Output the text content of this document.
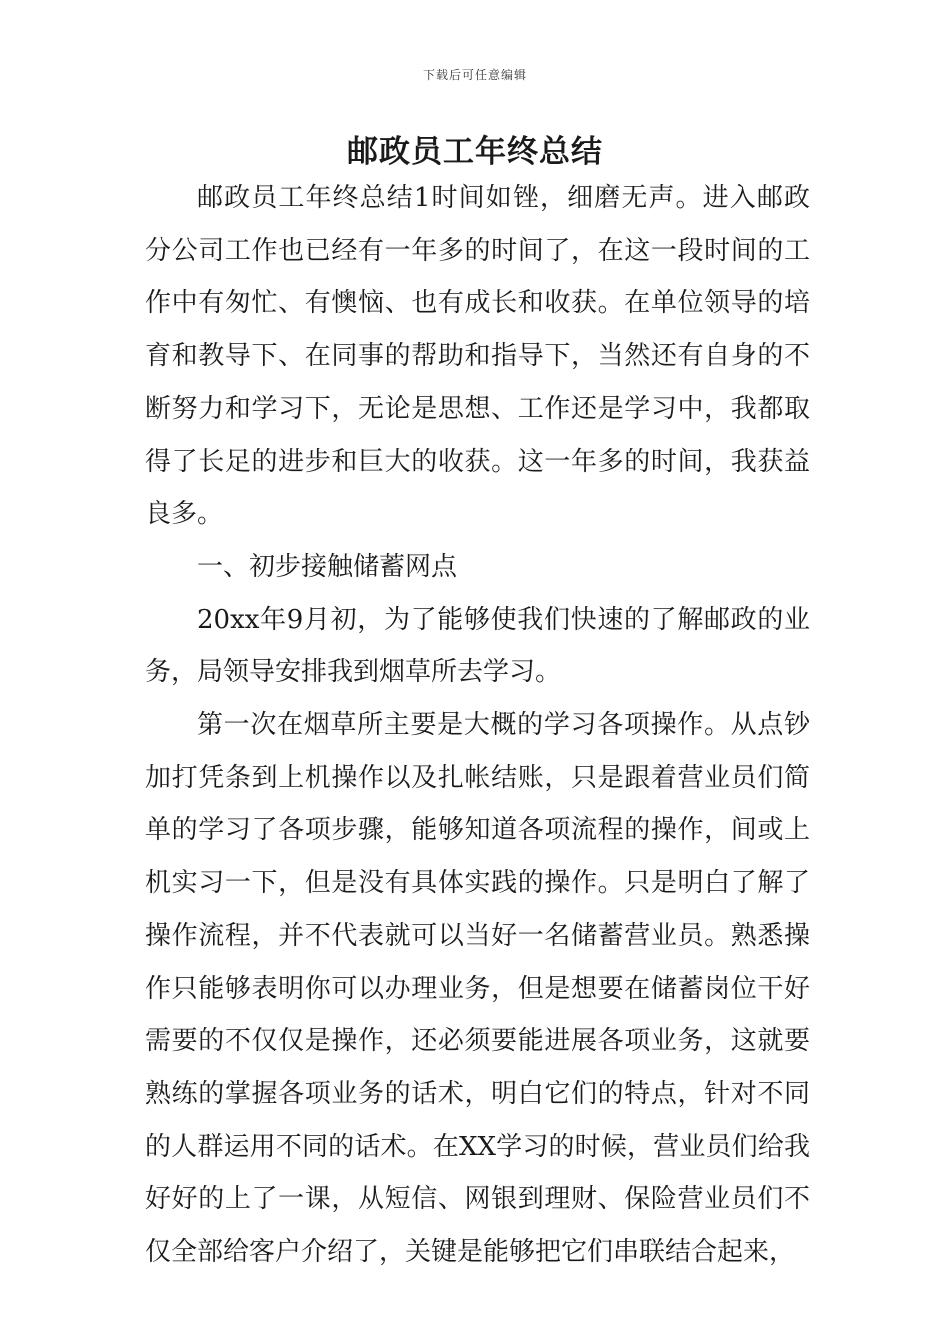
下载后可任意编辑
邮政员工年终总结

邮政员工年终总结1时间如锉，细磨无声。进入邮政分公司工作也已经有一年多的时间了，在这一段时间的工作中有匆忙、有懊恼、也有成长和收获。在单位领导的培育和教导下、在同事的帮助和指导下，当然还有自身的不断努力和学习下，无论是思想、工作还是学习中，我都取得了长足的进步和巨大的收获。这一年多的时间，我获益良多。

一、初步接触储蓄网点

20xx年9月初，为了能够使我们快速的了解邮政的业务，局领导安排我到烟草所去学习。

第一次在烟草所主要是大概的学习各项操作。从点钞加打凭条到上机操作以及扎帐结账，只是跟着营业员们简单的学习了各项步骤，能够知道各项流程的操作，间或上机实习一下，但是没有具体实践的操作。只是明白了解了操作流程，并不代表就可以当好一名储蓄营业员。熟悉操作只能够表明你可以办理业务，但是想要在储蓄岗位干好需要的不仅仅是操作，还必须要能进展各项业务，这就要熟练的掌握各项业务的话术，明白它们的特点，针对不同的人群运用不同的话术。在XX学习的时候，营业员们给我好好的上了一课，从短信、网银到理财、保险营业员们不仅全部给客户介绍了，关键是能够把它们串联结合起来，
